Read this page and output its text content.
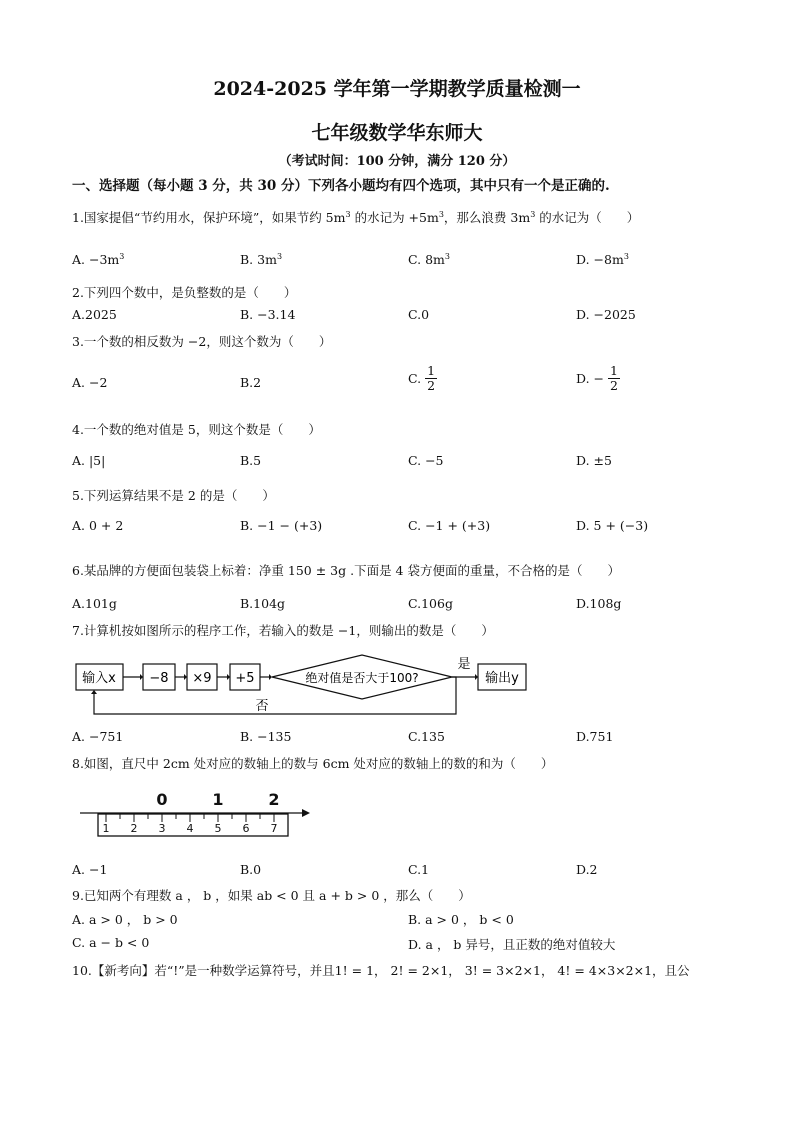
2024-2025 学年第一学期教学质量检测一
七年级数学华东师大
（考试时间：100 分钟，满分 120 分）
一、选择题（每小题 3 分，共 30 分）下列各小题均有四个选项，其中只有一个是正确的.
1.国家提倡“节约用水，保护环境”，如果节约 $5m^3$ 的水记为 $+5m^3$，那么浪费 $3m^3$ 的水记为（　　）
A. $-3m^3$	B. $3m^3$	C. $8m^3$	D. $-8m^3$
2.下列四个数中，是负整数的是（　　）
A.2025	B. −3.14	C.0	D. −2025
3.一个数的相反数为 −2，则这个数为（　　）
A. −2	B.2	C. $\frac{1}{2}$	D. − $\frac{1}{2}$
4.一个数的绝对值是 5，则这个数是（　　）
A. |5|	B.5	C. −5	D. ±5
5.下列运算结果不是 2 的是（　　）
A. 0 + 2	B. −1 − (+3)	C. −1 + (+3)	D. 5 + (−3)
6.某品牌的方便面包装袋上标着：净重 150 ± 3g .下面是 4 袋方便面的重量，不合格的是（　　）
A.101g	B.104g	C.106g	D.108g
7.计算机按如图所示的程序工作，若输入的数是 −1，则输出的数是（　　）
输入x	−8 ×9 +5	绝对值是否大于100?	输出y
是
否
A. −751	B. −135	C.135	D.751
8.如图，直尺中 2cm 处对应的数轴上的数与 6cm 处对应的数轴上的数的和为（　　）
1 2 3 4 5 6 7
0	1	2
A. −1	B.0	C.1	D.2
9.已知两个有理数 a ， b ，如果 ab < 0 且 a + b > 0 ，那么（　　）
A. a > 0 ， b > 0	B. a > 0 ， b < 0
C. a − b < 0	D. a ， b 异号，且正数的绝对值较大
10.【新考向】若“!”是一种数学运算符号，并且1! = 1， 2! = 2×1， 3! = 3×2×1， 4! = 4×3×2×1，且公
